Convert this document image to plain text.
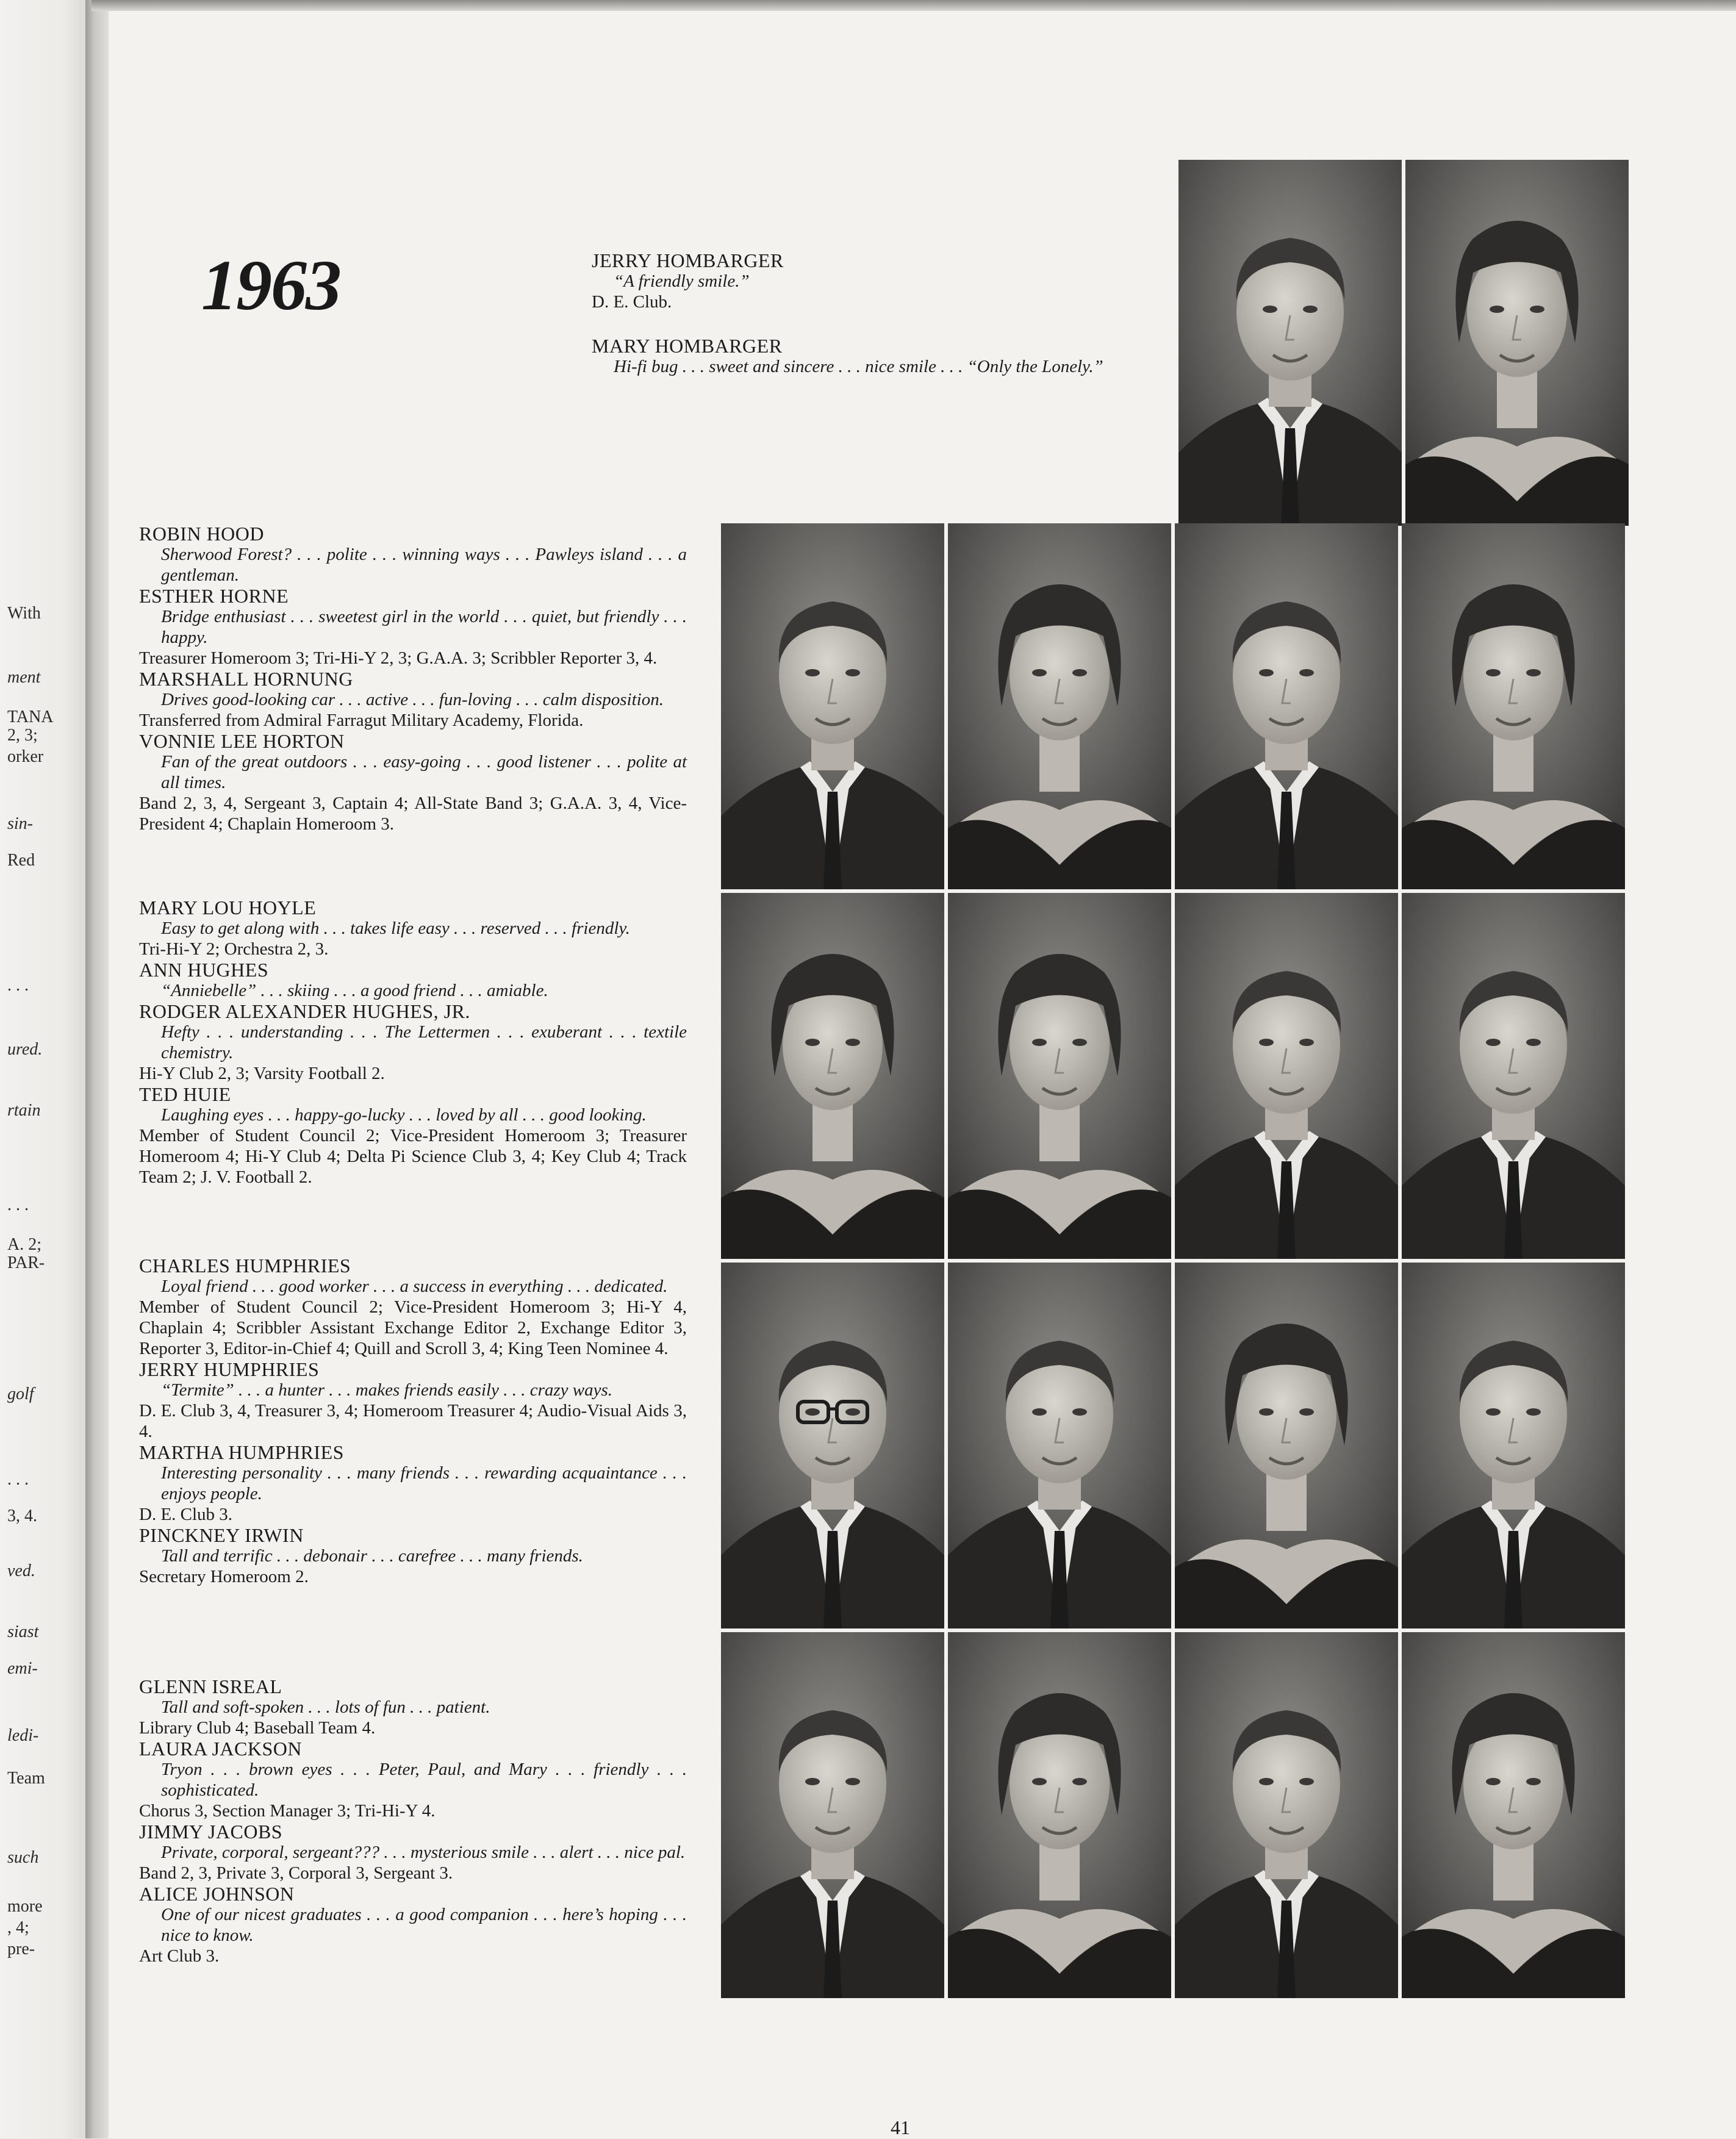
With
ment
TANA
2, 3;
orker
sin-
Red
. . .
ured.
rtain
. . .
A. 2;
PAR-
golf
. . .
3, 4.
ved.
siast
emi-
ledi-
Team
such
more
, 4;
pre-
1963	JERRY HOMBARGER
“A friendly smile.”
D. E. Club.
MARY HOMBARGER
Hi-fi bug . . . sweet and sincere . . . nice smile . . . “Only the Lonely.”
ROBIN HOOD
Sherwood Forest? . . . polite . . . winning ways . . . Pawleys island . . . a gentleman.
ESTHER HORNE
Bridge enthusiast . . . sweetest girl in the world . . . quiet, but friendly . . . happy.
Treasurer Homeroom 3; Tri-Hi-Y 2, 3; G.A.A. 3; Scribbler Reporter 3, 4.
MARSHALL HORNUNG
Drives good-looking car . . . active . . . fun-loving . . . calm disposition.
Transferred from Admiral Farragut Military Academy, Florida.
VONNIE LEE HORTON
Fan of the great outdoors . . . easy-going . . . good listener . . . polite at all times.
Band 2, 3, 4, Sergeant 3, Captain 4; All-State Band 3; G.A.A. 3, 4, Vice-President 4; Chaplain Homeroom 3.
MARY LOU HOYLE
Easy to get along with . . . takes life easy . . . reserved . . . friendly.
Tri-Hi-Y 2; Orchestra 2, 3.
ANN HUGHES
“Anniebelle” . . . skiing . . . a good friend . . . amiable.
RODGER ALEXANDER HUGHES, JR.
Hefty . . . understanding . . . The Lettermen . . . exuberant . . . textile chemistry.
Hi-Y Club 2, 3; Varsity Football 2.
TED HUIE
Laughing eyes . . . happy-go-lucky . . . loved by all . . . good looking.
Member of Student Council 2; Vice-President Homeroom 3; Treasurer Homeroom 4; Hi-Y Club 4; Delta Pi Science Club 3, 4; Key Club 4; Track Team 2; J. V. Football 2.
CHARLES HUMPHRIES
Loyal friend . . . good worker . . . a success in everything . . . dedicated.
Member of Student Council 2; Vice-President Homeroom 3; Hi-Y 4, Chaplain 4; Scribbler Assistant Exchange Editor 2, Exchange Editor 3, Reporter 3, Editor-in-Chief 4; Quill and Scroll 3, 4; King Teen Nominee 4.
JERRY HUMPHRIES
“Termite” . . . a hunter . . . makes friends easily . . . crazy ways.
D. E. Club 3, 4, Treasurer 3, 4; Homeroom Treasurer 4; Audio-Visual Aids 3, 4.
MARTHA HUMPHRIES
Interesting personality . . . many friends . . . rewarding acquaintance . . . enjoys people.
D. E. Club 3.
PINCKNEY IRWIN
Tall and terrific . . . debonair . . . carefree . . . many friends.
Secretary Homeroom 2.
GLENN ISREAL
Tall and soft-spoken . . . lots of fun . . . patient.
Library Club 4; Baseball Team 4.
LAURA JACKSON
Tryon . . . brown eyes . . . Peter, Paul, and Mary . . . friendly . . . sophisticated.
Chorus 3, Section Manager 3; Tri-Hi-Y 4.
JIMMY JACOBS
Private, corporal, sergeant??? . . . mysterious smile . . . alert . . . nice pal.
Band 2, 3, Private 3, Corporal 3, Sergeant 3.
ALICE JOHNSON
One of our nicest graduates . . . a good companion . . . here’s hoping . . . nice to know.
Art Club 3.
41
